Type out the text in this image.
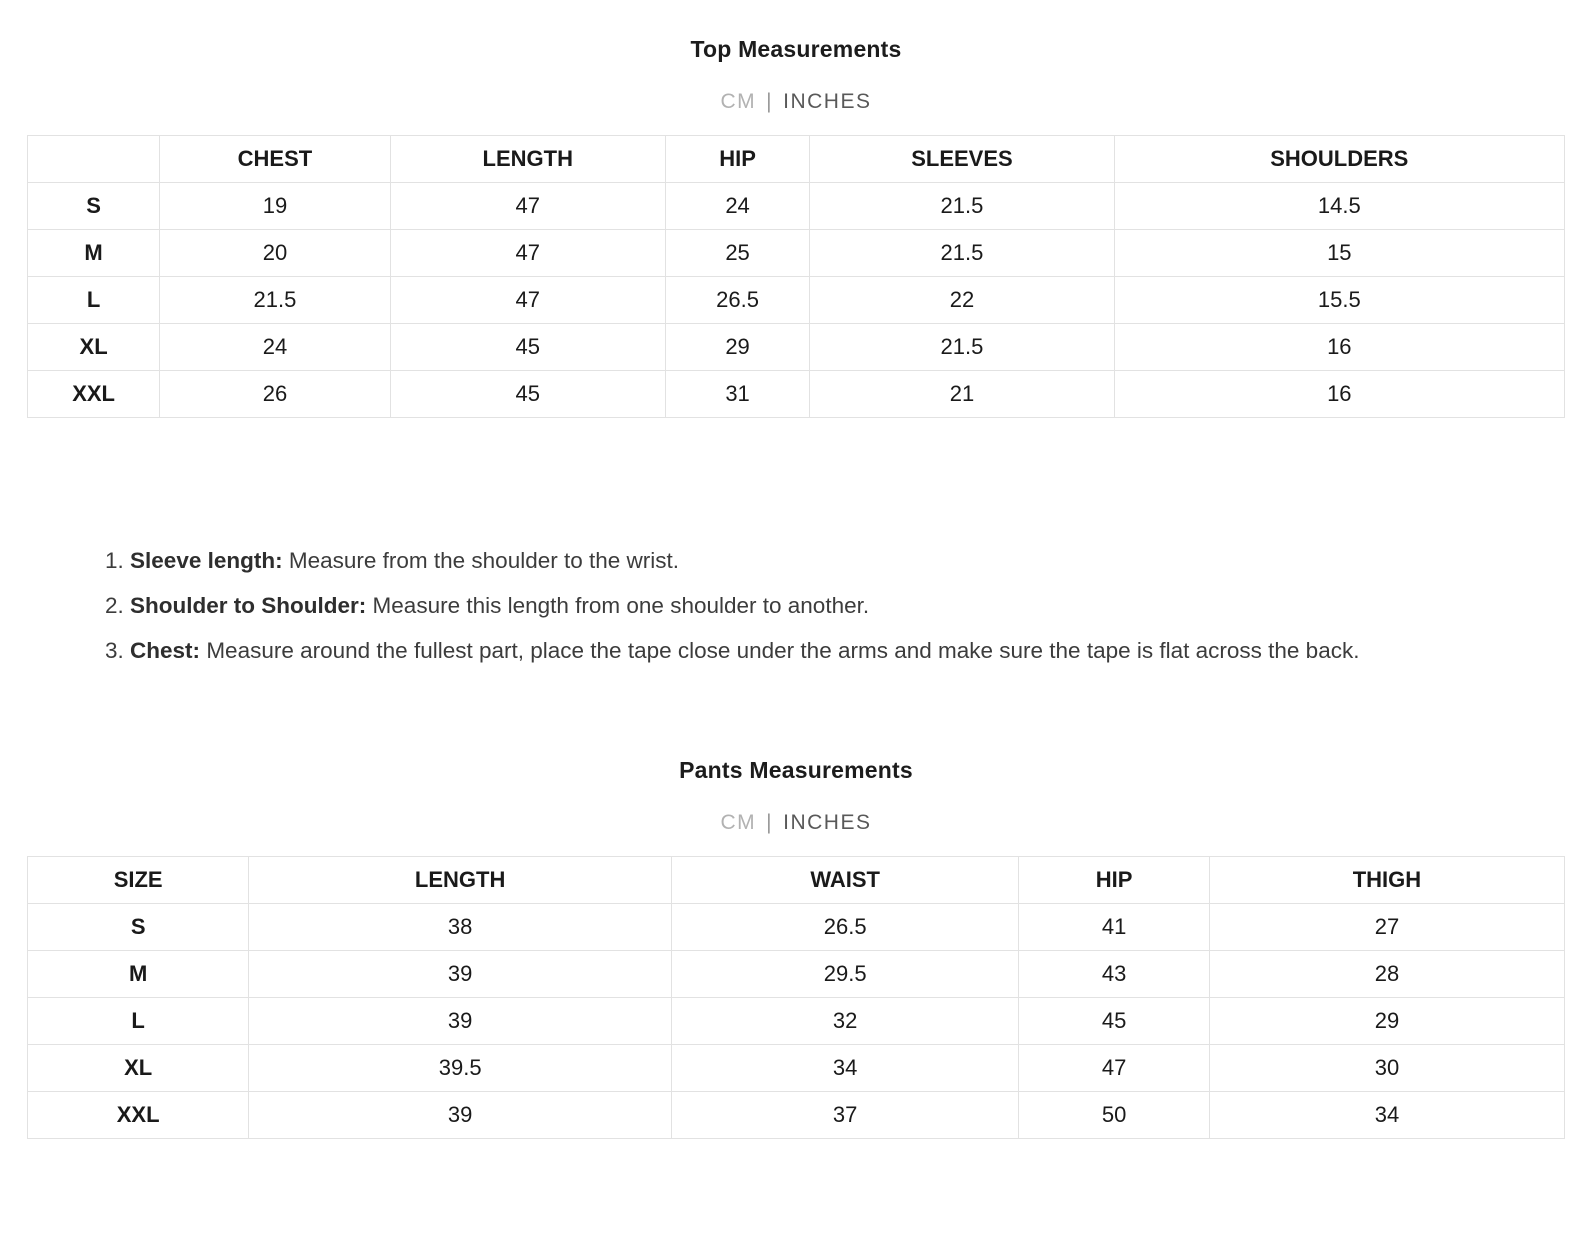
Top Measurements
CM | INCHES
	CHEST	LENGTH	HIP	SLEEVES	SHOULDERS
S	19	47	24	21.5	14.5
M	20	47	25	21.5	15
L	21.5	47	26.5	22	15.5
XL	24	45	29	21.5	16
XXL	26	45	31	21	16
1. Sleeve length: Measure from the shoulder to the wrist.
2. Shoulder to Shoulder: Measure this length from one shoulder to another.
3. Chest: Measure around the fullest part, place the tape close under the arms and make sure the tape is flat across the back.
Pants Measurements
CM | INCHES
SIZE	LENGTH	WAIST	HIP	THIGH
S	38	26.5	41	27
M	39	29.5	43	28
L	39	32	45	29
XL	39.5	34	47	30
XXL	39	37	50	34
